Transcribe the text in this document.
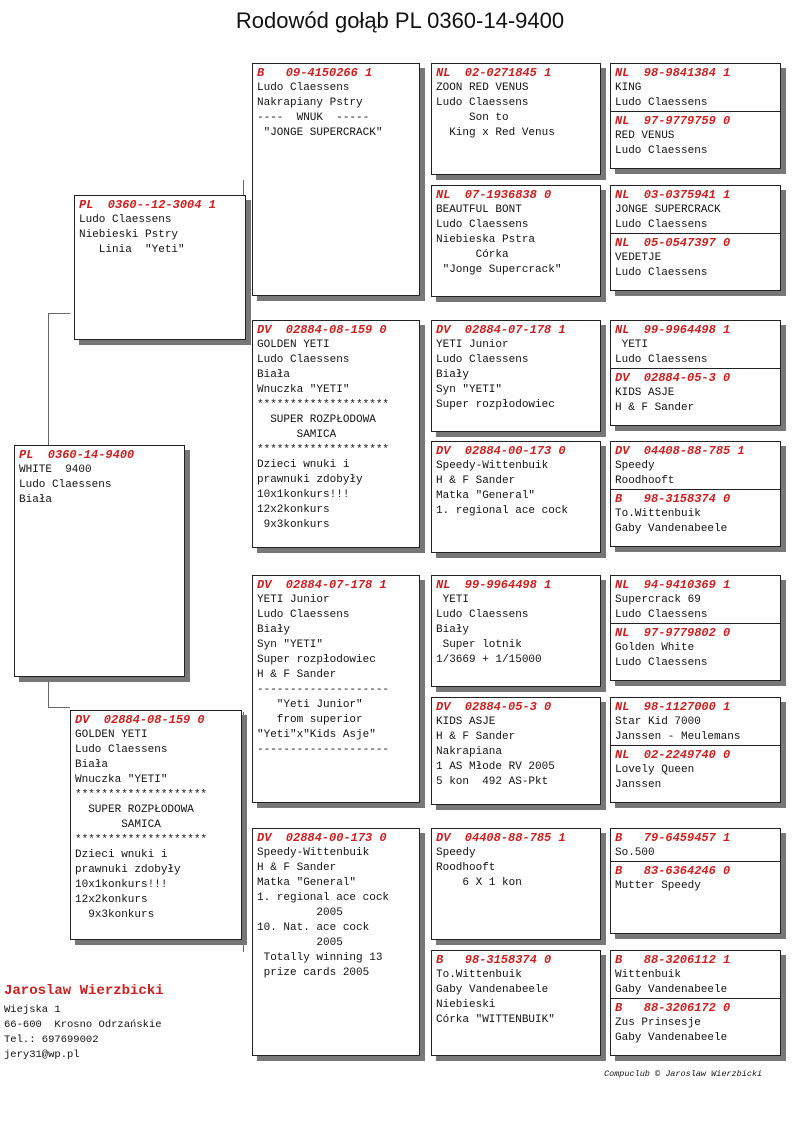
Rodowód gołąb PL 0360-14-9400
PL  0360-14-9400
WHITE  9400
Ludo Claessens
Biała
PL  0360--12-3004 1
Ludo Claessens
Niebieski Pstry
Linia  "Yeti"
DV  02884-08-159 0
GOLDEN YETI
Ludo Claessens
Biała
Wnuczka "YETI"
********************
SUPER ROZPŁODOWA
SAMICA
********************
Dzieci wnuki i
prawnuki zdobyły
10x1konkurs!!!
12x2konkurs
9x3konkurs
B   09-4150266 1
Ludo Claessens
Nakrapiany Pstry
----  WNUK  -----
"JONGE SUPERCRACK"
DV  02884-08-159 0
GOLDEN YETI
Ludo Claessens
Biała
Wnuczka "YETI"
********************
SUPER ROZPŁODOWA
SAMICA
********************
Dzieci wnuki i
prawnuki zdobyły
10x1konkurs!!!
12x2konkurs
9x3konkurs
DV  02884-07-178 1
YETI Junior
Ludo Claessens
Biały
Syn "YETI"
Super rozpłodowiec
H & F Sander
--------------------
"Yeti Junior"
from superior
"Yeti"x"Kids Asje"
--------------------
DV  02884-00-173 0
Speedy-Wittenbuik
H & F Sander
Matka "General"
1. regional ace cock
2005
10. Nat. ace cock
2005
Totally winning 13
prize cards 2005
NL  02-0271845 1
ZOON RED VENUS
Ludo Claessens
Son to
King x Red Venus
NL  07-1936838 0
BEAUTFUL BONT
Ludo Claessens
Niebieska Pstra
Córka
"Jonge Supercrack"
DV  02884-07-178 1
YETI Junior
Ludo Claessens
Biały
Syn "YETI"
Super rozpłodowiec
DV  02884-00-173 0
Speedy-Wittenbuik
H & F Sander
Matka "General"
1. regional ace cock
NL  99-9964498 1
YETI
Ludo Claessens
Biały
Super lotnik
1/3669 + 1/15000
DV  02884-05-3 0
KIDS ASJE
H & F Sander
Nakrapiana
1 AS Młode RV 2005
5 kon  492 AS-Pkt
DV  04408-88-785 1
Speedy
Roodhooft
6 X 1 kon
B   98-3158374 0
To.Wittenbuik
Gaby Vandenabeele
Niebieski
Córka "WITTENBUIK"
NL  98-9841384 1
KING
Ludo Claessens
NL  97-9779759 0
RED VENUS
Ludo Claessens
NL  03-0375941 1
JONGE SUPERCRACK
Ludo Claessens
NL  05-0547397 0
VEDETJE
Ludo Claessens
NL  99-9964498 1
YETI
Ludo Claessens
DV  02884-05-3 0
KIDS ASJE
H & F Sander
DV  04408-88-785 1
Speedy
Roodhooft
B   98-3158374 0
To.Wittenbuik
Gaby Vandenabeele
NL  94-9410369 1
Supercrack 69
Ludo Claessens
NL  97-9779802 0
Golden White
Ludo Claessens
NL  98-1127000 1
Star Kid 7000
Janssen - Meulemans
NL  02-2249740 0
Lovely Queen
Janssen
B   79-6459457 1
So.500
B   83-6364246 0
Mutter Speedy
B   88-3206112 1
Wittenbuik
Gaby Vandenabeele
B   88-3206172 0
Zus Prinsesje
Gaby Vandenabeele
Jaroslaw Wierzbicki
Wiejska 1
66-600  Krosno Odrzańskie
Tel.: 697699002
jery31@wp.pl
Compuclub © Jaroslaw Wierzbicki
